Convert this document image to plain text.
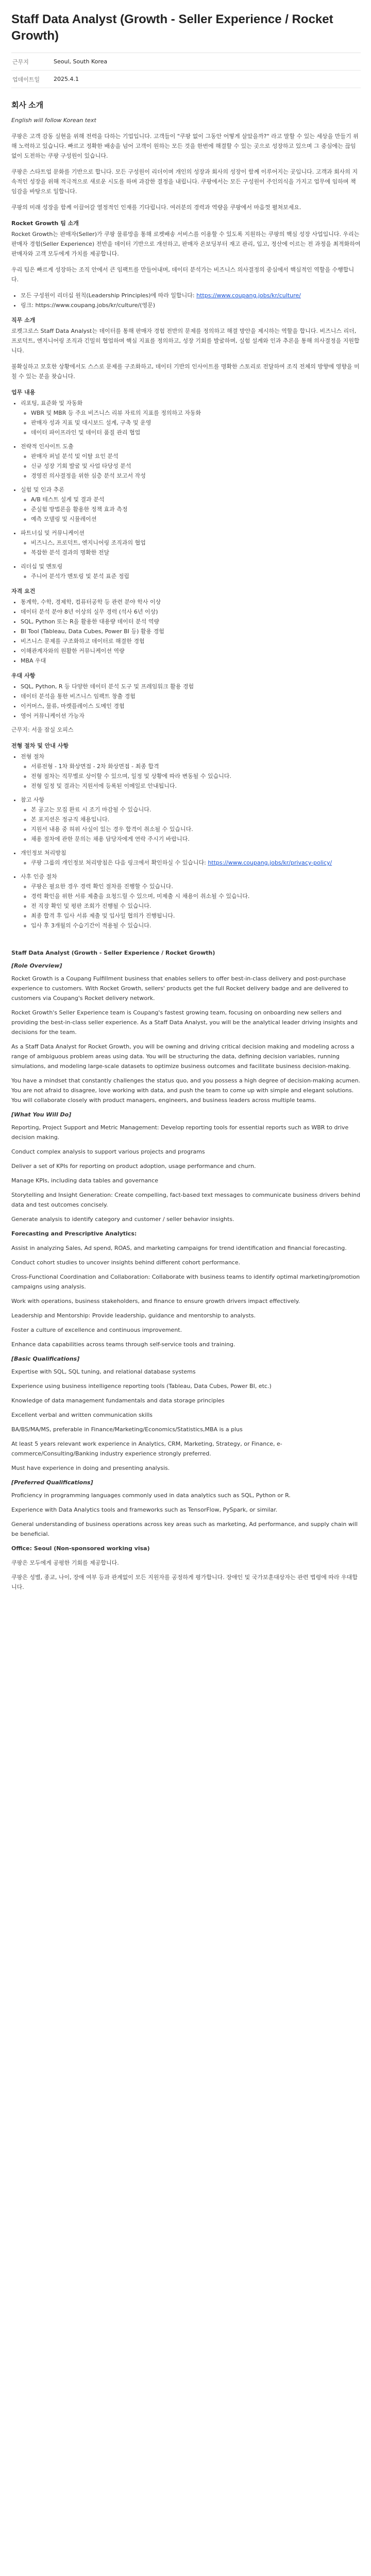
Staff Data Analyst (Growth - Seller Experience / Rocket Growth)
근무지	Seoul, South Korea
업데이트일	2025.4.1
회사 소개
English will follow Korean text

쿠팡은 고객 감동 실현을 위해 전력을 다하는 기업입니다. 고객들이 "쿠팡 없이 그동안 어떻게 살았을까?" 라고 말할 수 있는 세상을 만들기 위해 노력하고 있습니다. 빠르고 정확한 배송을 넘어 고객이 원하는 모든 것을 한번에 해결할 수 있는 곳으로 성장하고 있으며 그 중심에는 끊임없이 도전하는 쿠팡 구성원이 있습니다.

쿠팡은 스타트업 문화를 기반으로 합니다. 모든 구성원이 리더이며 개인의 성장과 회사의 성장이 함께 이루어지는 곳입니다. 고객과 회사의 지속적인 성장을 위해 적극적으로 새로운 시도를 하며 과감한 결정을 내립니다. 쿠팡에서는 모든 구성원이 주인의식을 가지고 업무에 임하며 책임감을 바탕으로 일합니다.

쿠팡의 미래 성장을 함께 이끌어갈 열정적인 인재를 기다립니다. 여러분의 경력과 역량을 쿠팡에서 마음껏 펼쳐보세요.

Rocket Growth 팀 소개

Rocket Growth는 판매자(Seller)가 쿠팡 물류망을 통해 로켓배송 서비스를 이용할 수 있도록 지원하는 쿠팡의 핵심 성장 사업입니다. 우리는 판매자 경험(Seller Experience) 전반을 데이터 기반으로 개선하고, 판매자 온보딩부터 재고 관리, 입고, 정산에 이르는 전 과정을 최적화하여 판매자와 고객 모두에게 가치를 제공합니다.

우리 팀은 빠르게 성장하는 조직 안에서 큰 임팩트를 만들어내며, 데이터 분석가는 비즈니스 의사결정의 중심에서 핵심적인 역할을 수행합니다.

• 모든 구성원이 리더십 원칙(Leadership Principles)에 따라 일합니다: https://www.coupang.jobs/kr/culture/
• 링크: https://www.coupang.jobs/kr/culture/(영문)
직무 소개

로켓그로스 Staff Data Analyst는 데이터를 통해 판매자 경험 전반의 문제를 정의하고 해결 방안을 제시하는 역할을 합니다. 비즈니스 리더, 프로덕트, 엔지니어링 조직과 긴밀히 협업하며 핵심 지표를 정의하고, 성장 기회를 발굴하며, 실험 설계와 인과 추론을 통해 의사결정을 지원합니다.

불확실하고 모호한 상황에서도 스스로 문제를 구조화하고, 데이터 기반의 인사이트를 명확한 스토리로 전달하여 조직 전체의 방향에 영향을 미칠 수 있는 분을 찾습니다.

업무 내용
• 리포팅, 표준화 및 자동화
◦ WBR 및 MBR 등 주요 비즈니스 리뷰 자료의 지표를 정의하고 자동화
◦ 판매자 성과 지표 및 대시보드 설계, 구축 및 운영
◦ 데이터 파이프라인 및 데이터 품질 관리 협업
• 전략적 인사이트 도출
◦ 판매자 퍼널 분석 및 이탈 요인 분석
◦ 신규 성장 기회 발굴 및 사업 타당성 분석
◦ 경영진 의사결정을 위한 심층 분석 보고서 작성
• 실험 및 인과 추론
◦ A/B 테스트 설계 및 결과 분석
◦ 준실험 방법론을 활용한 정책 효과 측정
◦ 예측 모델링 및 시뮬레이션
• 파트너십 및 커뮤니케이션
◦ 비즈니스, 프로덕트, 엔지니어링 조직과의 협업
◦ 복잡한 분석 결과의 명확한 전달
• 리더십 및 멘토링
◦ 주니어 분석가 멘토링 및 분석 표준 정립
자격 요건
• 통계학, 수학, 경제학, 컴퓨터공학 등 관련 분야 학사 이상
• 데이터 분석 분야 8년 이상의 실무 경력 (석사 6년 이상)
• SQL, Python 또는 R을 활용한 대용량 데이터 분석 역량
• BI Tool (Tableau, Data Cubes, Power BI 등) 활용 경험
• 비즈니스 문제를 구조화하고 데이터로 해결한 경험
• 이해관계자와의 원활한 커뮤니케이션 역량
• MBA 우대
우대 사항
• SQL, Python, R 등 다양한 데이터 분석 도구 및 프레임워크 활용 경험
• 데이터 분석을 통한 비즈니스 임팩트 창출 경험
• 이커머스, 물류, 마켓플레이스 도메인 경험
• 영어 커뮤니케이션 가능자

근무지: 서울 잠실 오피스

전형 절차 및 안내 사항
• 전형 절차
◦ 서류전형 - 1차 화상면접 - 2차 화상면접 - 최종 합격
◦ 전형 절차는 직무별로 상이할 수 있으며, 일정 및 상황에 따라 변동될 수 있습니다.
◦ 전형 일정 및 결과는 지원서에 등록된 이메일로 안내됩니다.
• 참고 사항
◦ 본 공고는 모집 완료 시 조기 마감될 수 있습니다.
◦ 본 포지션은 정규직 채용입니다.
◦ 지원서 내용 중 허위 사실이 있는 경우 합격이 취소될 수 있습니다.
◦ 채용 절차에 관한 문의는 채용 담당자에게 연락 주시기 바랍니다.
• 개인정보 처리방침
◦ 쿠팡 그룹의 개인정보 처리방침은 다음 링크에서 확인하실 수 있습니다: https://www.coupang.jobs/kr/privacy-policy/
• 사후 인증 절차
◦ 쿠팡은 필요한 경우 경력 확인 절차를 진행할 수 있습니다.
◦ 경력 확인을 위한 서류 제출을 요청드릴 수 있으며, 미제출 시 채용이 취소될 수 있습니다.
◦ 전 직장 확인 및 평판 조회가 진행될 수 있습니다.
◦ 최종 합격 후 입사 서류 제출 및 입사일 협의가 진행됩니다.
◦ 입사 후 3개월의 수습기간이 적용될 수 있습니다.
Staff Data Analyst (Growth - Seller Experience / Rocket Growth)
[Role Overview]

Rocket Growth is a Coupang Fulfillment business that enables sellers to offer best-in-class delivery and post-purchase experience to customers. With Rocket Growth, sellers' products get the full Rocket delivery badge and are delivered to customers via Coupang's Rocket delivery network.

Rocket Growth's Seller Experience team is Coupang's fastest growing team, focusing on onboarding new sellers and providing the best-in-class seller experience. As a Staff Data Analyst, you will be the analytical leader driving insights and decisions for the team.

As a Staff Data Analyst for Rocket Growth, you will be owning and driving critical decision making and modeling across a range of ambiguous problem areas using data. You will be structuring the data, defining decision variables, running simulations, and modeling large-scale datasets to optimize business outcomes and facilitate business decision-making.

You have a mindset that constantly challenges the status quo, and you possess a high degree of decision-making acumen. You are not afraid to disagree, love working with data, and push the team to come up with simple and elegant solutions. You will collaborate closely with product managers, engineers, and business leaders across multiple teams.

[What You Will Do]

Reporting, Project Support and Metric Management: Develop reporting tools for essential reports such as WBR to drive decision making.

Conduct complex analysis to support various projects and programs

Deliver a set of KPIs for reporting on product adoption, usage performance and churn.

Manage KPIs, including data tables and governance

Storytelling and Insight Generation: Create compelling, fact-based text messages to communicate business drivers behind data and test outcomes concisely.

Generate analysis to identify category and customer / seller behavior insights.

Forecasting and Prescriptive Analytics:

Assist in analyzing Sales, Ad spend, ROAS, and marketing campaigns for trend identification and financial forecasting.

Conduct cohort studies to uncover insights behind different cohort performance.

Cross-Functional Coordination and Collaboration: Collaborate with business teams to identify optimal marketing/promotion campaigns using analysis.

Work with operations, business stakeholders, and finance to ensure growth drivers impact effectively.

Leadership and Mentorship: Provide leadership, guidance and mentorship to analysts.

Foster a culture of excellence and continuous improvement.

Enhance data capabilities across teams through self-service tools and training.

[Basic Qualifications]

Expertise with SQL, SQL tuning, and relational database systems

Experience using business intelligence reporting tools (Tableau, Data Cubes, Power BI, etc.)

Knowledge of data management fundamentals and data storage principles

Excellent verbal and written communication skills

BA/BS/MA/MS, preferable in Finance/Marketing/Economics/Statistics,MBA is a plus

At least 5 years relevant work experience in Analytics, CRM, Marketing, Strategy, or Finance, e-commerce/Consulting/Banking industry experience strongly preferred.

Must have experience in doing and presenting analysis.

[Preferred Qualifications]

Proficiency in programming languages commonly used in data analytics such as SQL, Python or R.

Experience with Data Analytics tools and frameworks such as TensorFlow, PySpark, or similar.

General understanding of business operations across key areas such as marketing, Ad performance, and supply chain will be beneficial.

Office: Seoul (Non-sponsored working visa)

쿠팡은 모두에게 공평한 기회를 제공합니다.

쿠팡은 성별, 종교, 나이, 장애 여부 등과 관계없이 모든 지원자를 공정하게 평가합니다. 장애인 및 국가보훈대상자는 관련 법령에 따라 우대합니다.
